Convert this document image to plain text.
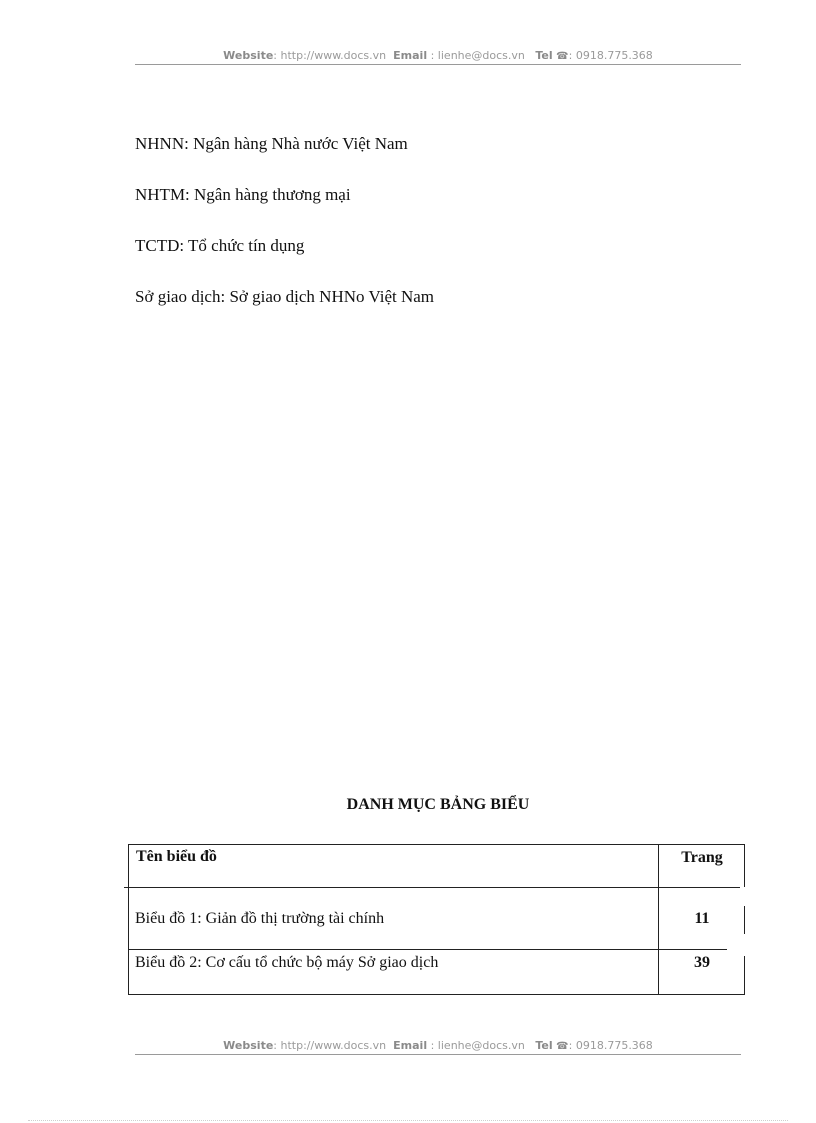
Website: http://www.docs.vn Email : lienhe@docs.vn Tel ☎: 0918.775.368
NHNN: Ngân hàng Nhà nước Việt Nam
NHTM: Ngân hàng thương mại
TCTD: Tổ chức tín dụng
Sở giao dịch: Sở giao dịch NHNo Việt Nam
DANH MỤC BẢNG BIỂU
Tên biểu đồ	Trang
Biểu đồ 1: Giản đồ thị trường tài chính	11
Biểu đồ 2: Cơ cấu tổ chức bộ máy Sở giao dịch	39
Website: http://www.docs.vn Email : lienhe@docs.vn Tel ☎: 0918.775.368
